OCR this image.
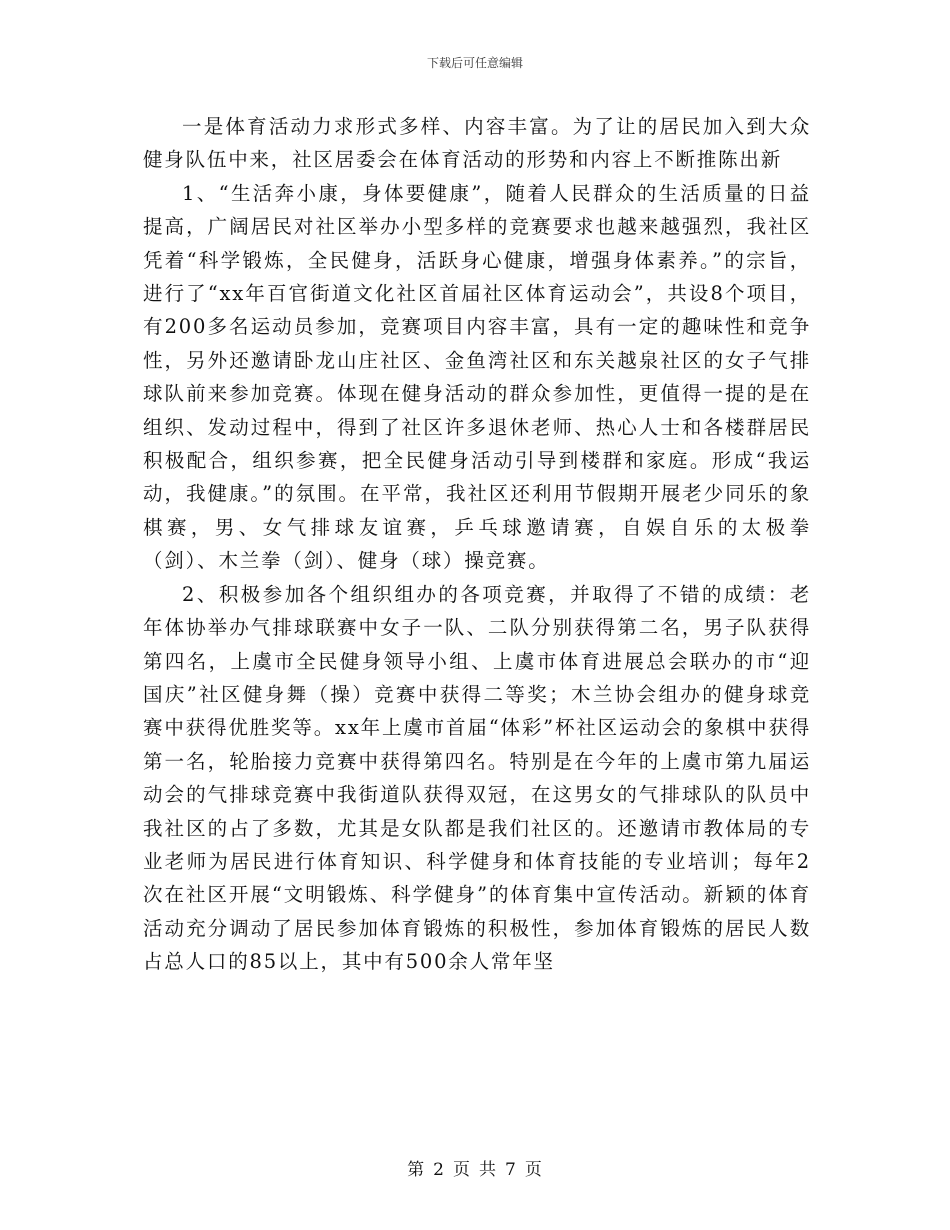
下载后可任意编辑

一是体育活动力求形式多样、内容丰富。为了让的居民加入到大众健身队伍中来，社区居委会在体育活动的形势和内容上不断推陈出新

1、“生活奔小康，身体要健康”，随着人民群众的生活质量的日益提高，广阔居民对社区举办小型多样的竞赛要求也越来越强烈，我社区凭着“科学锻炼，全民健身，活跃身心健康，增强身体素养。”的宗旨，进行了“xx年百官街道文化社区首届社区体育运动会”，共设8个项目，有200多名运动员参加，竞赛项目内容丰富，具有一定的趣味性和竞争性，另外还邀请卧龙山庄社区、金鱼湾社区和东关越泉社区的女子气排球队前来参加竞赛。体现在健身活动的群众参加性，更值得一提的是在组织、发动过程中，得到了社区许多退休老师、热心人士和各楼群居民积极配合，组织参赛，把全民健身活动引导到楼群和家庭。形成“我运动，我健康。”的氛围。在平常，我社区还利用节假期开展老少同乐的象棋赛，男、女气排球友谊赛，乒乓球邀请赛，自娱自乐的太极拳（剑）、木兰拳（剑）、健身（球）操竞赛。

2、积极参加各个组织组办的各项竞赛，并取得了不错的成绩：老年体协举办气排球联赛中女子一队、二队分别获得第二名，男子队获得第四名，上虞市全民健身领导小组、上虞市体育进展总会联办的市“迎国庆”社区健身舞（操）竞赛中获得二等奖；木兰协会组办的健身球竞赛中获得优胜奖等。xx年上虞市首届“体彩”杯社区运动会的象棋中获得第一名，轮胎接力竞赛中获得第四名。特别是在今年的上虞市第九届运动会的气排球竞赛中我街道队获得双冠，在这男女的气排球队的队员中我社区的占了多数，尤其是女队都是我们社区的。还邀请市教体局的专业老师为居民进行体育知识、科学健身和体育技能的专业培训；每年2次在社区开展“文明锻炼、科学健身”的体育集中宣传活动。新颖的体育活动充分调动了居民参加体育锻炼的积极性，参加体育锻炼的居民人数占总人口的85以上，其中有500余人常年坚

第 2 页 共 7 页
